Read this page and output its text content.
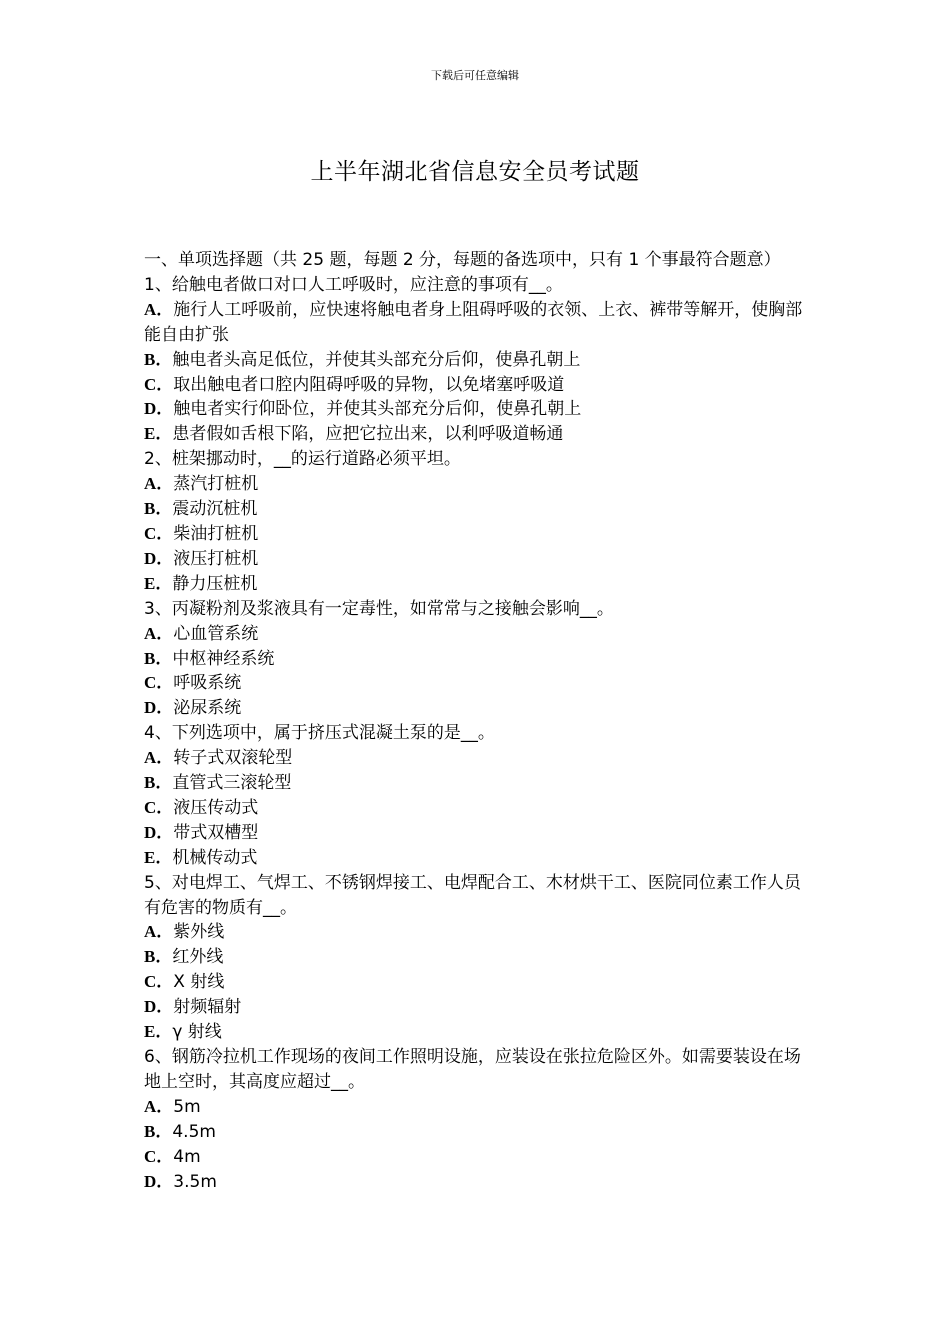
下载后可任意编辑
上半年湖北省信息安全员考试题

一、单项选择题（共 25 题，每题 2 分，每题的备选项中，只有 1 个事最符合题意）

1、给触电者做口对口人工呼吸时，应注意的事项有__。

A．施行人工呼吸前，应快速将触电者身上阻碍呼吸的衣领、上衣、裤带等解开，使胸部能自由扩张

B．触电者头高足低位，并使其头部充分后仰，使鼻孔朝上

C．取出触电者口腔内阻碍呼吸的异物，以免堵塞呼吸道

D．触电者实行仰卧位，并使其头部充分后仰，使鼻孔朝上

E．患者假如舌根下陷，应把它拉出来，以利呼吸道畅通

2、桩架挪动时，__的运行道路必须平坦。

A．蒸汽打桩机

B．震动沉桩机

C．柴油打桩机

D．液压打桩机

E．静力压桩机

3、丙凝粉剂及浆液具有一定毒性，如常常与之接触会影响__。

A．心血管系统

B．中枢神经系统

C．呼吸系统

D．泌尿系统

4、下列选项中，属于挤压式混凝土泵的是__。

A．转子式双滚轮型

B．直管式三滚轮型

C．液压传动式

D．带式双槽型

E．机械传动式

5、对电焊工、气焊工、不锈钢焊接工、电焊配合工、木材烘干工、医院同位素工作人员有危害的物质有__。

A．紫外线

B．红外线

C．X 射线

D．射频辐射

E．γ 射线

6、钢筋冷拉机工作现场的夜间工作照明设施，应装设在张拉危险区外。如需要装设在场地上空时，其高度应超过__。

A．5m

B．4.5m

C．4m

D．3.5m
